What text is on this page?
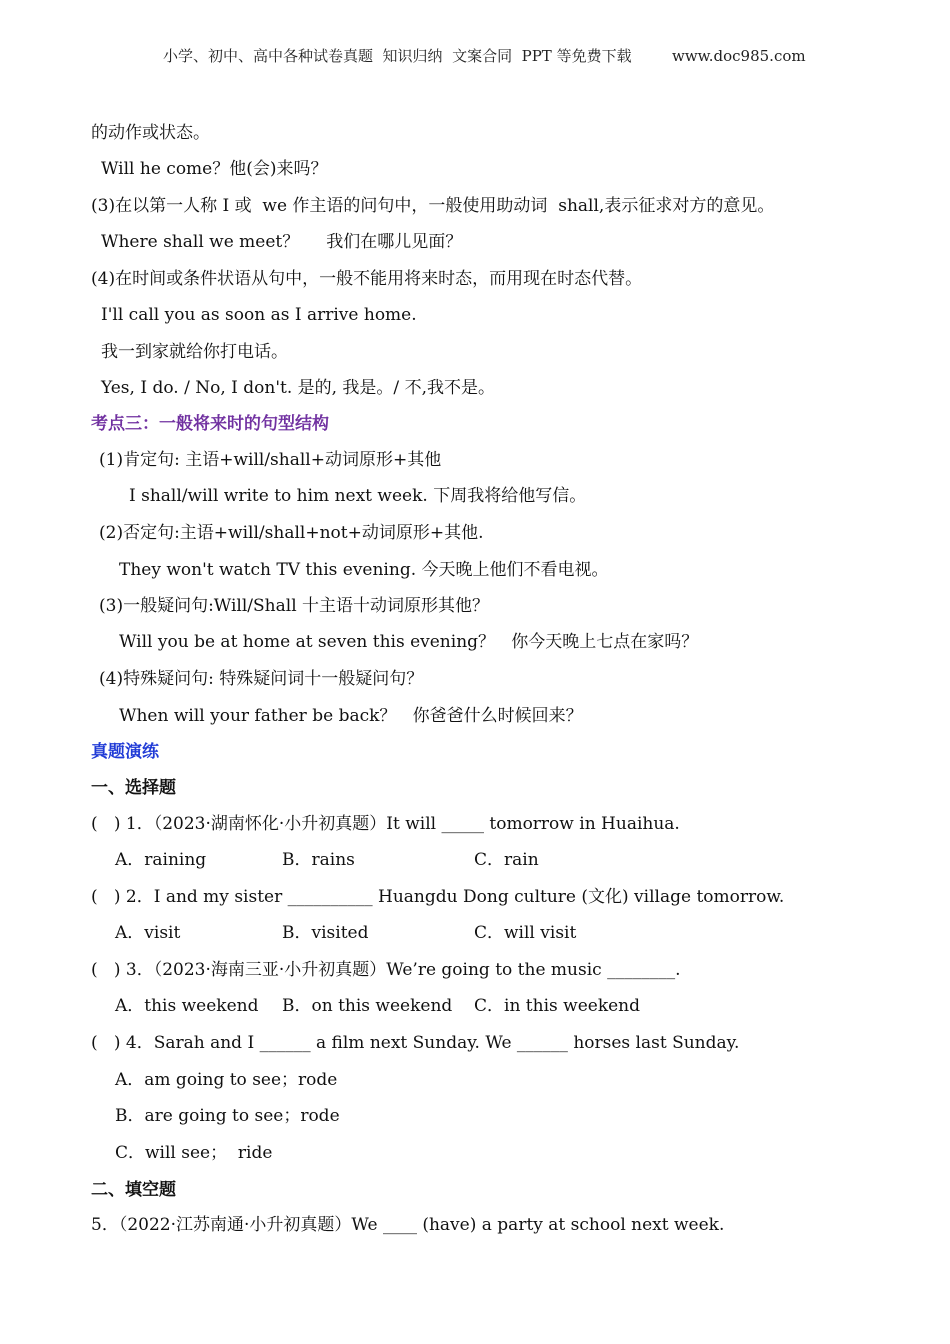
小学、初中、高中各种试卷真题  知识归纳  文案合同  PPT 等免费下载	www.doc985.com
的动作或状态。
Will he come？他(会)来吗？
(3)在以第一人称 I 或  we 作主语的问句中，一般使用助动词  shall,表示征求对方的意见。
Where shall we meet？     我们在哪儿见面？
(4)在时间或条件状语从句中，一般不能用将来时态，而用现在时态代替。
I'll call you as soon as I arrive home.
我一到家就给你打电话。
Yes, I do. / No, I don't. 是的, 我是。/ 不,我不是。
考点三：一般将来时的句型结构
(1)肯定句: 主语+will/shall+动词原形+其他
I shall/will write to him next week. 下周我将给他写信。
(2)否定句:主语+will/shall+not+动词原形+其他.
They won't watch TV this evening. 今天晚上他们不看电视。
(3)一般疑问句:Will/Shall 十主语十动词原形其他？
Will you be at home at seven this evening？   你今天晚上七点在家吗？
(4)特殊疑问句: 特殊疑问词十一般疑问句？
When will your father be back？   你爸爸什么时候回来？
真题演练
一、选择题
(   ) 1．（2023·湖南怀化·小升初真题）It will _____ tomorrow in Huaihua.
A．raining	B．rains	C．rain
(   ) 2．I and my sister __________ Huangdu Dong culture (文化) village tomorrow.
A．visit	B．visited	C．will visit
(   ) 3．（2023·海南三亚·小升初真题）We’re going to the music ________.
A．this weekend B．on this weekend C．in this weekend
(   ) 4．Sarah and I ______ a film next Sunday. We ______ horses last Sunday.
A．am going to see；rode
B．are going to see；rode
C．will see；  ride
二、填空题
5．（2022·江苏南通·小升初真题）We ____ (have) a party at school next week.
